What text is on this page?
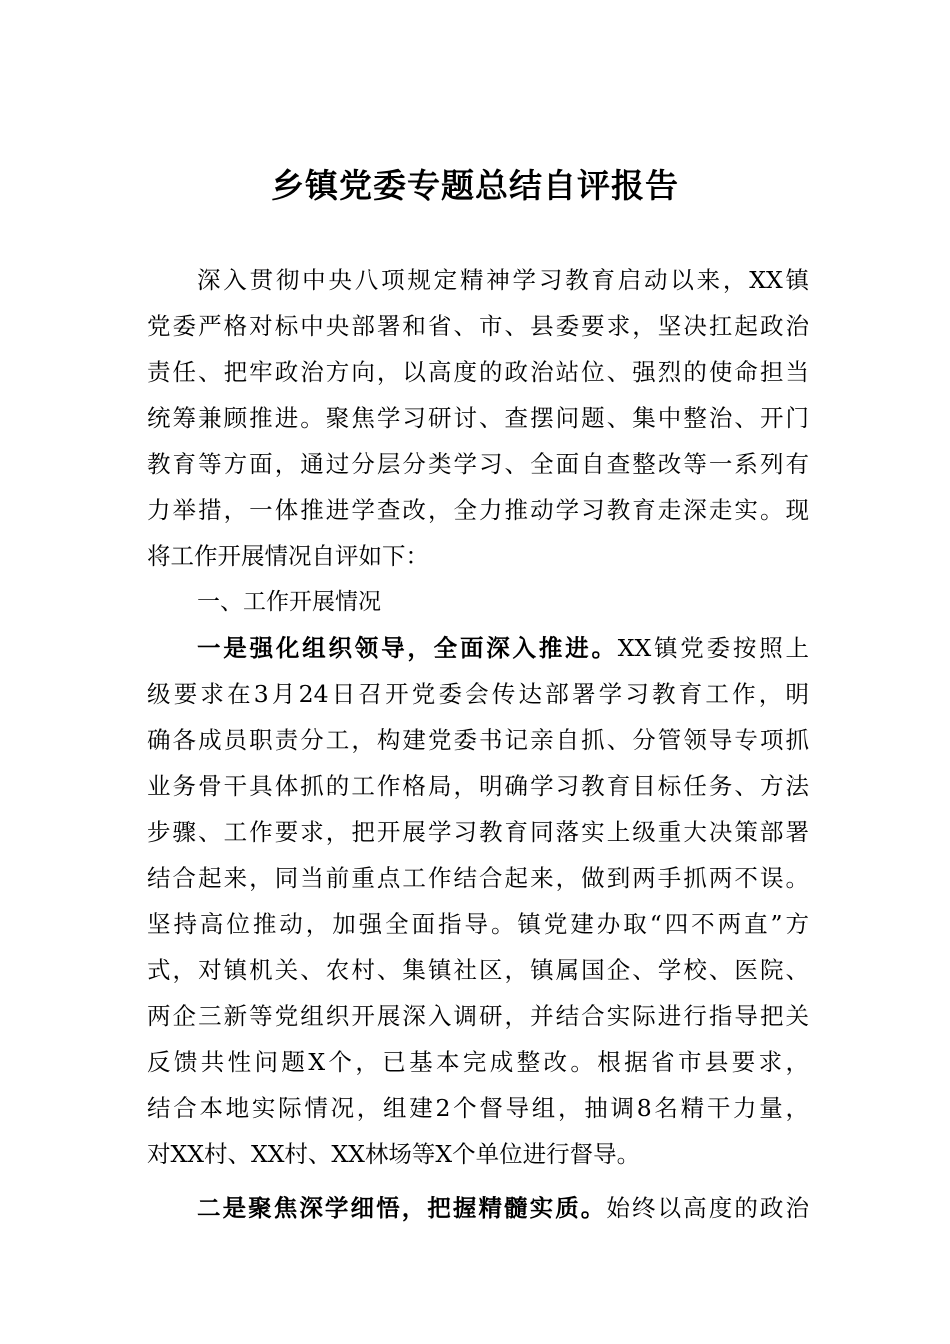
乡镇党委专题总结自评报告
深入贯彻中央八项规定精神学习教育启动以来，XX镇
党委严格对标中央部署和省、市、县委要求，坚决扛起政治
责任、把牢政治方向，以高度的政治站位、强烈的使命担当
统筹兼顾推进。聚焦学习研讨、查摆问题、集中整治、开门
教育等方面，通过分层分类学习、全面自查整改等一系列有
力举措，一体推进学查改，全力推动学习教育走深走实。现
将工作开展情况自评如下：
一、工作开展情况
一是强化组织领导，全面深入推进。XX镇党委按照上
级要求在3月24日召开党委会传达部署学习教育工作，明
确各成员职责分工，构建党委书记亲自抓、分管领导专项抓
业务骨干具体抓的工作格局，明确学习教育目标任务、方法
步骤、工作要求，把开展学习教育同落实上级重大决策部署
结合起来，同当前重点工作结合起来，做到两手抓两不误。
坚持高位推动，加强全面指导。镇党建办取“四不两直”方
式，对镇机关、农村、集镇社区，镇属国企、学校、医院、
两企三新等党组织开展深入调研，并结合实际进行指导把关
反馈共性问题X个，已基本完成整改。根据省市县要求，
结合本地实际情况，组建2个督导组，抽调8名精干力量，
对XX村、XX村、XX林场等X个单位进行督导。
二是聚焦深学细悟，把握精髓实质。始终以高度的政治
